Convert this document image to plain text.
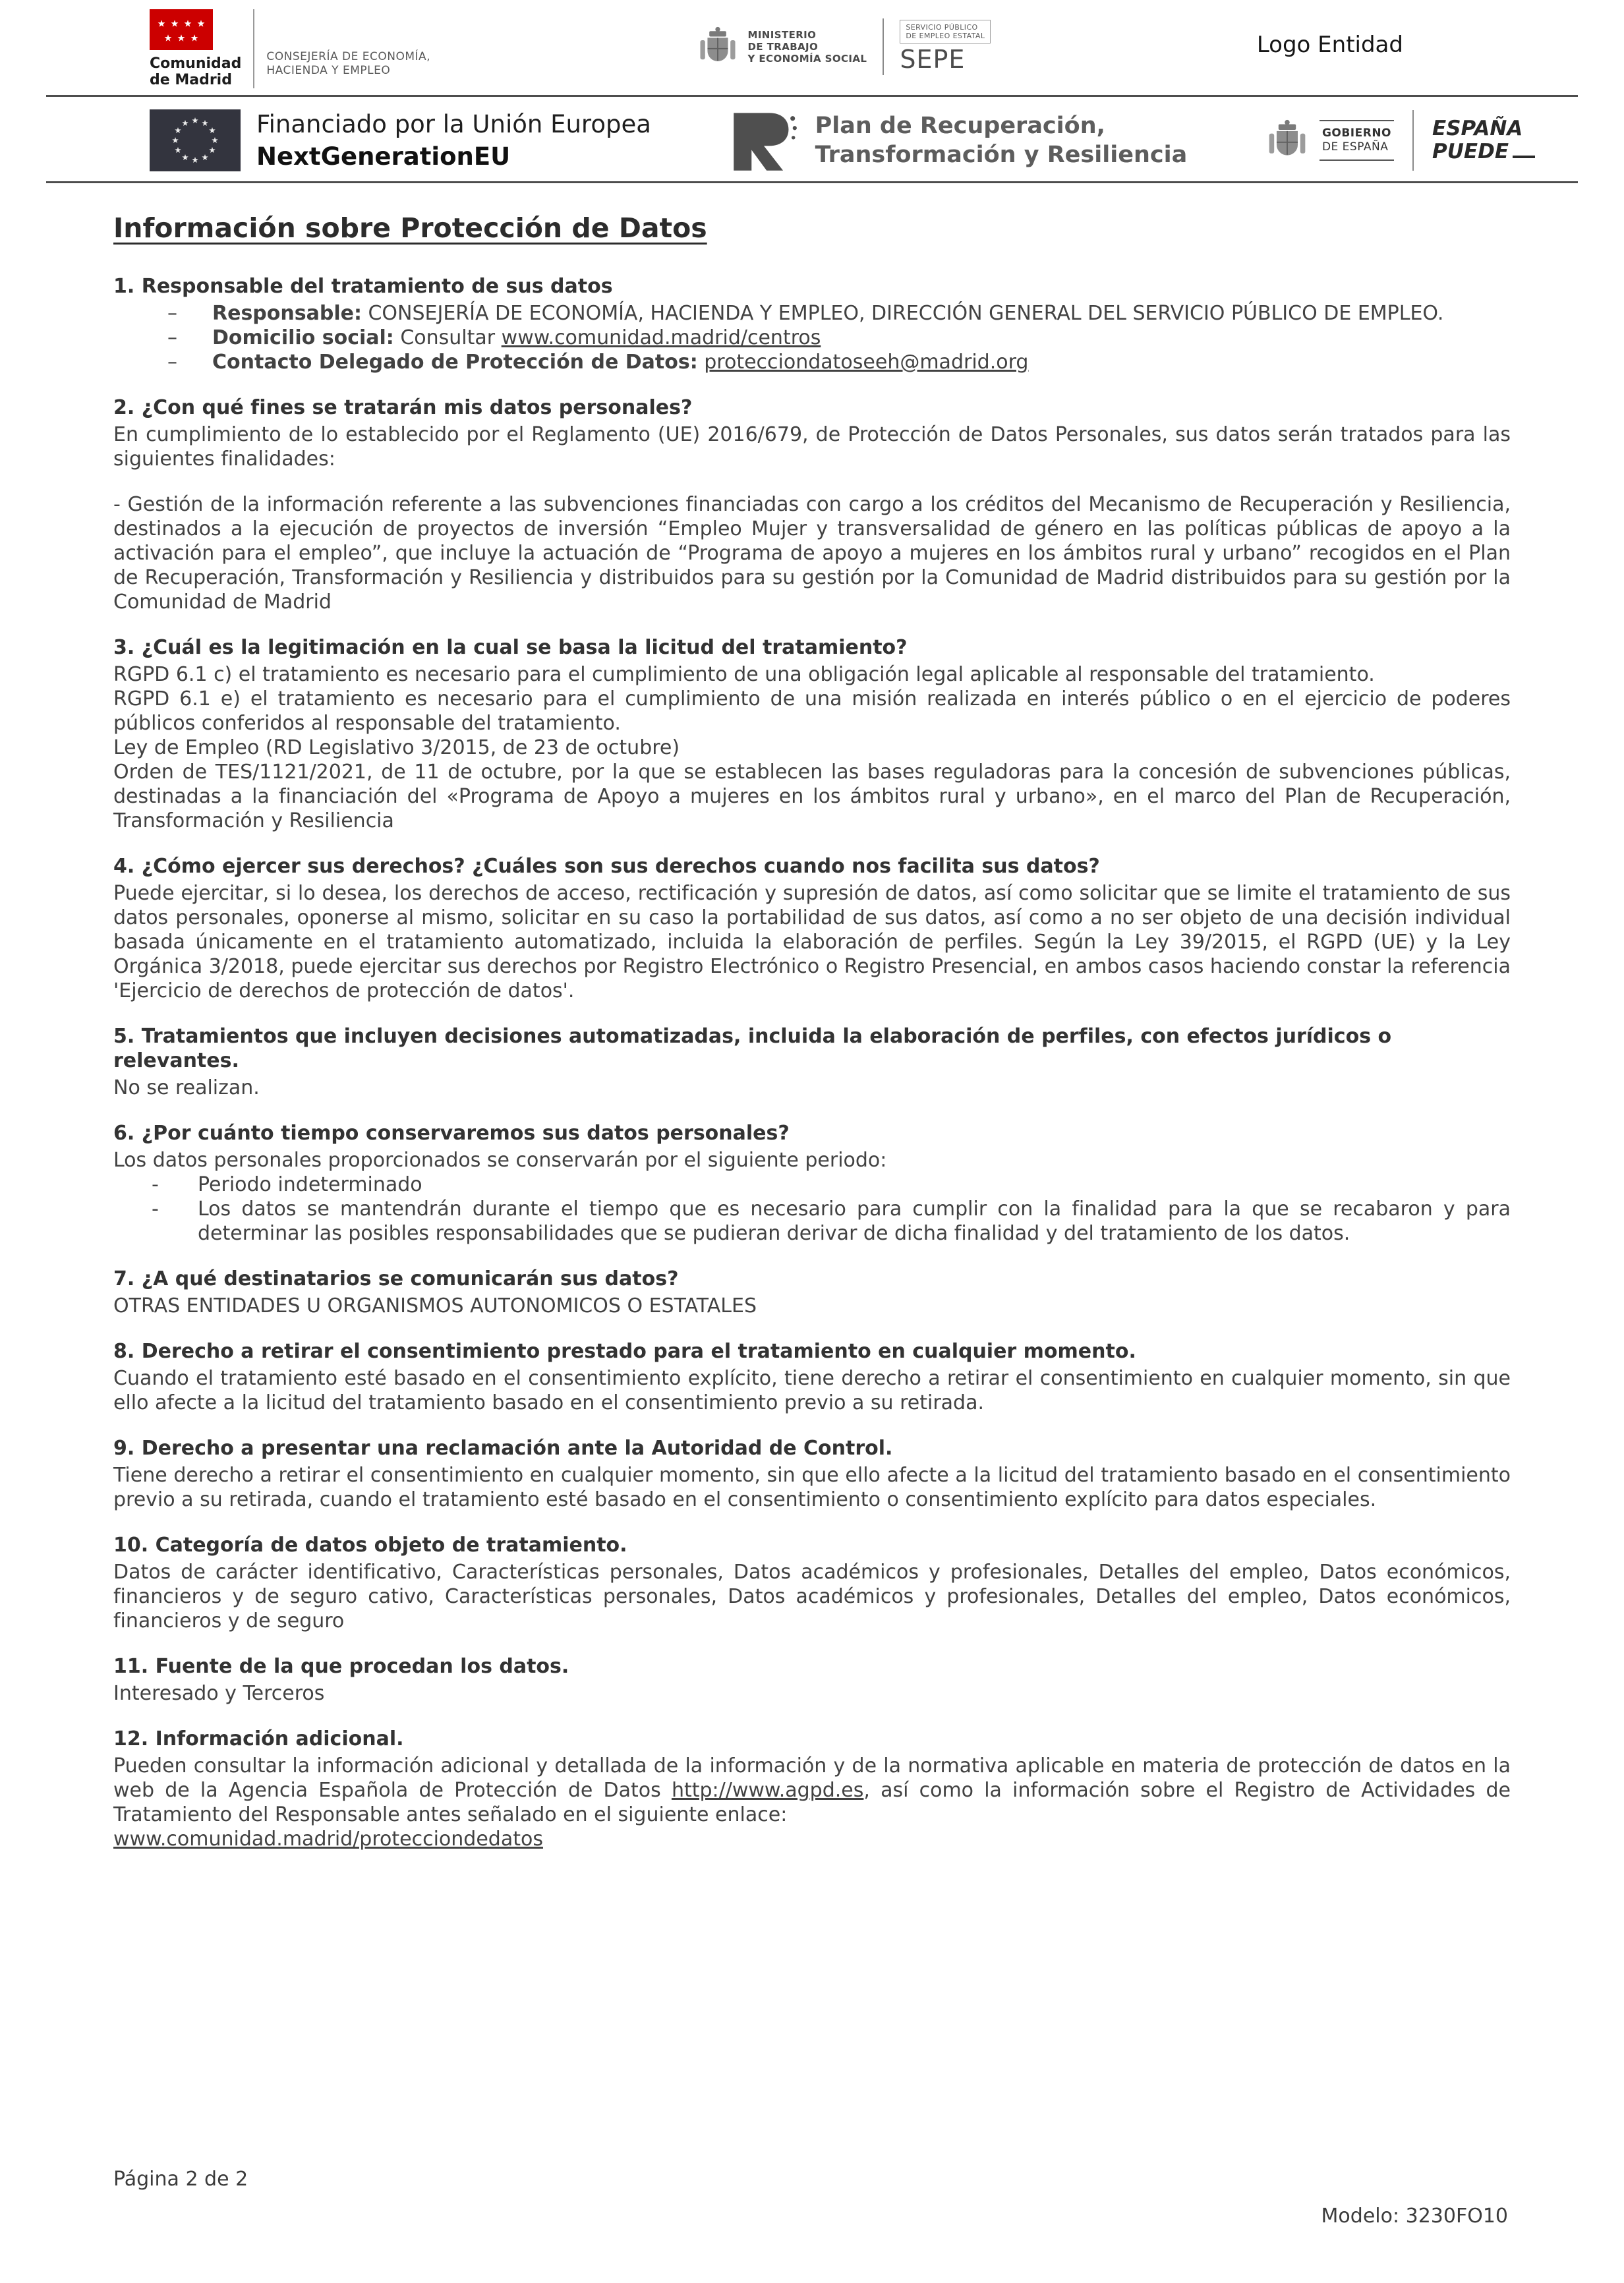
Comunidad
de Madrid
CONSEJERÍA DE ECONOMÍA,
HACIENDA Y EMPLEO
MINISTERIO
DE TRABAJO
Y ECONOMÍA SOCIAL
SERVICIO PÚBLICO
DE EMPLEO ESTATAL
SEPE	Logo Entidad
Financiado por la Unión Europea
NextGenerationEU
Plan de Recuperación,
Transformación y Resiliencia
GOBIERNO
DE ESPAÑA
ESPAÑA
PUEDE
Información sobre Protección de Datos
1. Responsable del tratamiento de sus datos

– Responsable: CONSEJERÍA DE ECONOMÍA, HACIENDA Y EMPLEO, DIRECCIÓN GENERAL DEL SERVICIO PÚBLICO DE EMPLEO.

– Domicilio social: Consultar www.comunidad.madrid/centros

– Contacto Delegado de Protección de Datos: protecciondatoseeh@madrid.org

2. ¿Con qué fines se tratarán mis datos personales?

En cumplimiento de lo establecido por el Reglamento (UE) 2016/679, de Protección de Datos Personales, sus datos serán tratados para las siguientes finalidades:

- Gestión de la información referente a las subvenciones financiadas con cargo a los créditos del Mecanismo de Recuperación y Resiliencia, destinados a la ejecución de proyectos de inversión “Empleo Mujer y transversalidad de género en las políticas públicas de apoyo a la activación para el empleo”, que incluye la actuación de “Programa de apoyo a mujeres en los ámbitos rural y urbano” recogidos en el Plan de Recuperación, Transformación y Resiliencia y distribuidos para su gestión por la Comunidad de Madrid distribuidos para su gestión por la Comunidad de Madrid

3. ¿Cuál es la legitimación en la cual se basa la licitud del tratamiento?

RGPD 6.1 c) el tratamiento es necesario para el cumplimiento de una obligación legal aplicable al responsable del tratamiento.

RGPD 6.1 e) el tratamiento es necesario para el cumplimiento de una misión realizada en interés público o en el ejercicio de poderes públicos conferidos al responsable del tratamiento.

Ley de Empleo (RD Legislativo 3/2015, de 23 de octubre)

Orden de TES/1121/2021, de 11 de octubre, por la que se establecen las bases reguladoras para la concesión de subvenciones públicas, destinadas a la financiación del «Programa de Apoyo a mujeres en los ámbitos rural y urbano», en el marco del Plan de Recuperación, Transformación y Resiliencia

4. ¿Cómo ejercer sus derechos? ¿Cuáles son sus derechos cuando nos facilita sus datos?

Puede ejercitar, si lo desea, los derechos de acceso, rectificación y supresión de datos, así como solicitar que se limite el tratamiento de sus datos personales, oponerse al mismo, solicitar en su caso la portabilidad de sus datos, así como a no ser objeto de una decisión individual basada únicamente en el tratamiento automatizado, incluida la elaboración de perfiles. Según la Ley 39/2015, el RGPD (UE) y la Ley Orgánica 3/2018, puede ejercitar sus derechos por Registro Electrónico o Registro Presencial, en ambos casos haciendo constar la referencia 'Ejercicio de derechos de protección de datos'.

5. Tratamientos que incluyen decisiones automatizadas, incluida la elaboración de perfiles, con efectos jurídicos o relevantes.

No se realizan.

6. ¿Por cuánto tiempo conservaremos sus datos personales?

Los datos personales proporcionados se conservarán por el siguiente periodo:

- Periodo indeterminado

- Los datos se mantendrán durante el tiempo que es necesario para cumplir con la finalidad para la que se recabaron y para determinar las posibles responsabilidades que se pudieran derivar de dicha finalidad y del tratamiento de los datos.

7. ¿A qué destinatarios se comunicarán sus datos?

OTRAS ENTIDADES U ORGANISMOS AUTONOMICOS O ESTATALES

8. Derecho a retirar el consentimiento prestado para el tratamiento en cualquier momento.

Cuando el tratamiento esté basado en el consentimiento explícito, tiene derecho a retirar el consentimiento en cualquier momento, sin que ello afecte a la licitud del tratamiento basado en el consentimiento previo a su retirada.

9. Derecho a presentar una reclamación ante la Autoridad de Control.

Tiene derecho a retirar el consentimiento en cualquier momento, sin que ello afecte a la licitud del tratamiento basado en el consentimiento previo a su retirada, cuando el tratamiento esté basado en el consentimiento o consentimiento explícito para datos especiales.

10. Categoría de datos objeto de tratamiento.

Datos de carácter identificativo, Características personales, Datos académicos y profesionales, Detalles del empleo, Datos económicos, financieros y de seguro cativo, Características personales, Datos académicos y profesionales, Detalles del empleo, Datos económicos, financieros y de seguro

11. Fuente de la que procedan los datos.

Interesado y Terceros

12. Información adicional.

Pueden consultar la información adicional y detallada de la información y de la normativa aplicable en materia de protección de datos en la web de la Agencia Española de Protección de Datos http://www.agpd.es, así como la información sobre el Registro de Actividades de Tratamiento del Responsable antes señalado en el siguiente enlace:

www.comunidad.madrid/protecciondedatos

Página 2 de 2
Modelo: 3230FO10
